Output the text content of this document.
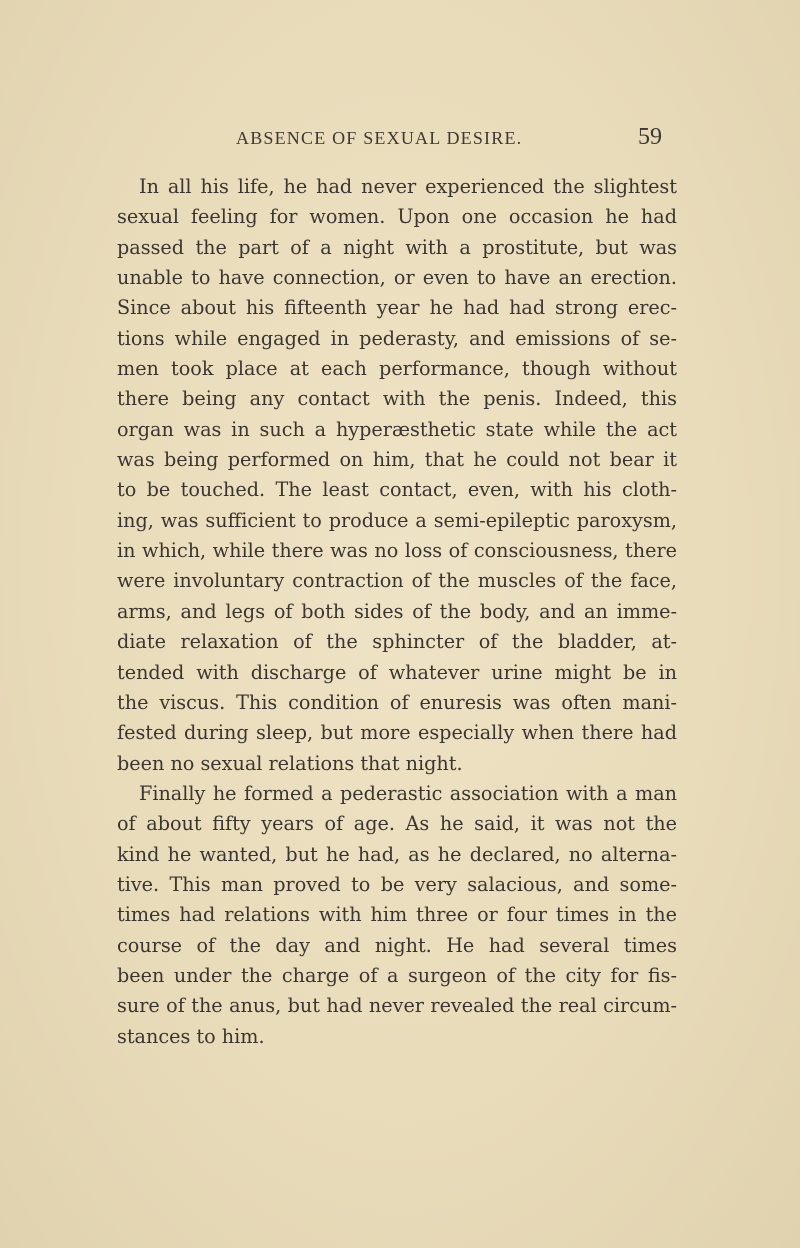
ABSENCE OF SEXUAL DESIRE.	59
In all his life, he had never experienced the slightest
sexual feeling for women. Upon one occasion he had
passed the part of a night with a prostitute, but was
unable to have connection, or even to have an erection.
Since about his fifteenth year he had had strong erec-
tions while engaged in pederasty, and emissions of se-
men took place at each performance, though without
there being any contact with the penis. Indeed, this
organ was in such a hyperæsthetic state while the act
was being performed on him, that he could not bear it
to be touched. The least contact, even, with his cloth-
ing, was sufficient to produce a semi-epileptic paroxysm,
in which, while there was no loss of consciousness, there
were involuntary contraction of the muscles of the face,
arms, and legs of both sides of the body, and an imme-
diate relaxation of the sphincter of the bladder, at-
tended with discharge of whatever urine might be in
the viscus. This condition of enuresis was often mani-
fested during sleep, but more especially when there had
been no sexual relations that night.
Finally he formed a pederastic association with a man
of about fifty years of age. As he said, it was not the
kind he wanted, but he had, as he declared, no alterna-
tive. This man proved to be very salacious, and some-
times had relations with him three or four times in the
course of the day and night. He had several times
been under the charge of a surgeon of the city for fis-
sure of the anus, but had never revealed the real circum-
stances to him.
